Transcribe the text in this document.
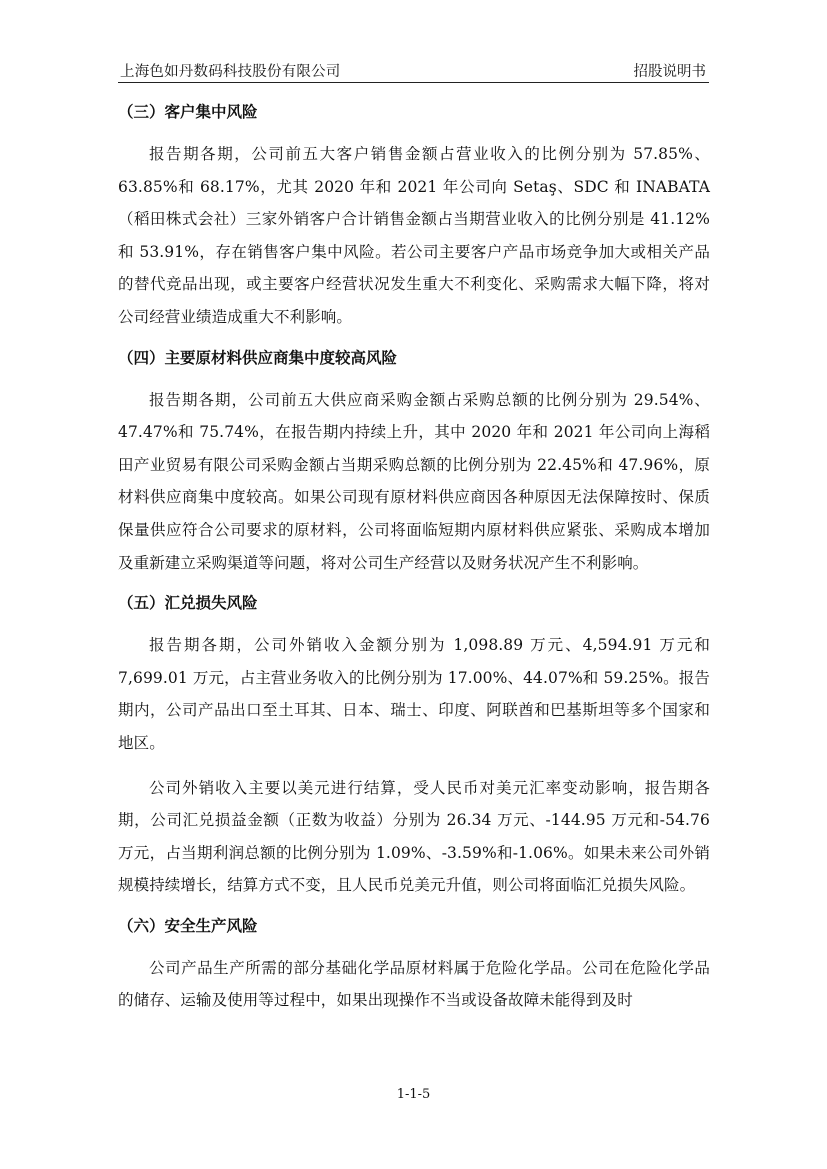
上海色如丹数码科技股份有限公司	招股说明书
（三）客户集中风险

报告期各期，公司前五大客户销售金额占营业收入的比例分别为 57.85%、63.85%和 68.17%，尤其 2020 年和 2021 年公司向 Setaş、SDC 和 INABATA（稻田株式会社）三家外销客户合计销售金额占当期营业收入的比例分别是 41.12%和 53.91%，存在销售客户集中风险。若公司主要客户产品市场竞争加大或相关产品的替代竞品出现，或主要客户经营状况发生重大不利变化、采购需求大幅下降，将对公司经营业绩造成重大不利影响。

（四）主要原材料供应商集中度较高风险

报告期各期，公司前五大供应商采购金额占采购总额的比例分别为 29.54%、47.47%和 75.74%，在报告期内持续上升，其中 2020 年和 2021 年公司向上海稻田产业贸易有限公司采购金额占当期采购总额的比例分别为 22.45%和 47.96%，原材料供应商集中度较高。如果公司现有原材料供应商因各种原因无法保障按时、保质保量供应符合公司要求的原材料，公司将面临短期内原材料供应紧张、采购成本增加及重新建立采购渠道等问题，将对公司生产经营以及财务状况产生不利影响。

（五）汇兑损失风险

报告期各期，公司外销收入金额分别为 1,098.89 万元、4,594.91 万元和 7,699.01 万元，占主营业务收入的比例分别为 17.00%、44.07%和 59.25%。报告期内，公司产品出口至土耳其、日本、瑞士、印度、阿联酋和巴基斯坦等多个国家和地区。

公司外销收入主要以美元进行结算，受人民币对美元汇率变动影响，报告期各期，公司汇兑损益金额（正数为收益）分别为 26.34 万元、-144.95 万元和-54.76 万元，占当期利润总额的比例分别为 1.09%、-3.59%和-1.06%。如果未来公司外销规模持续增长，结算方式不变，且人民币兑美元升值，则公司将面临汇兑损失风险。

（六）安全生产风险

公司产品生产所需的部分基础化学品原材料属于危险化学品。公司在危险化学品的储存、运输及使用等过程中，如果出现操作不当或设备故障未能得到及时

1-1-5
